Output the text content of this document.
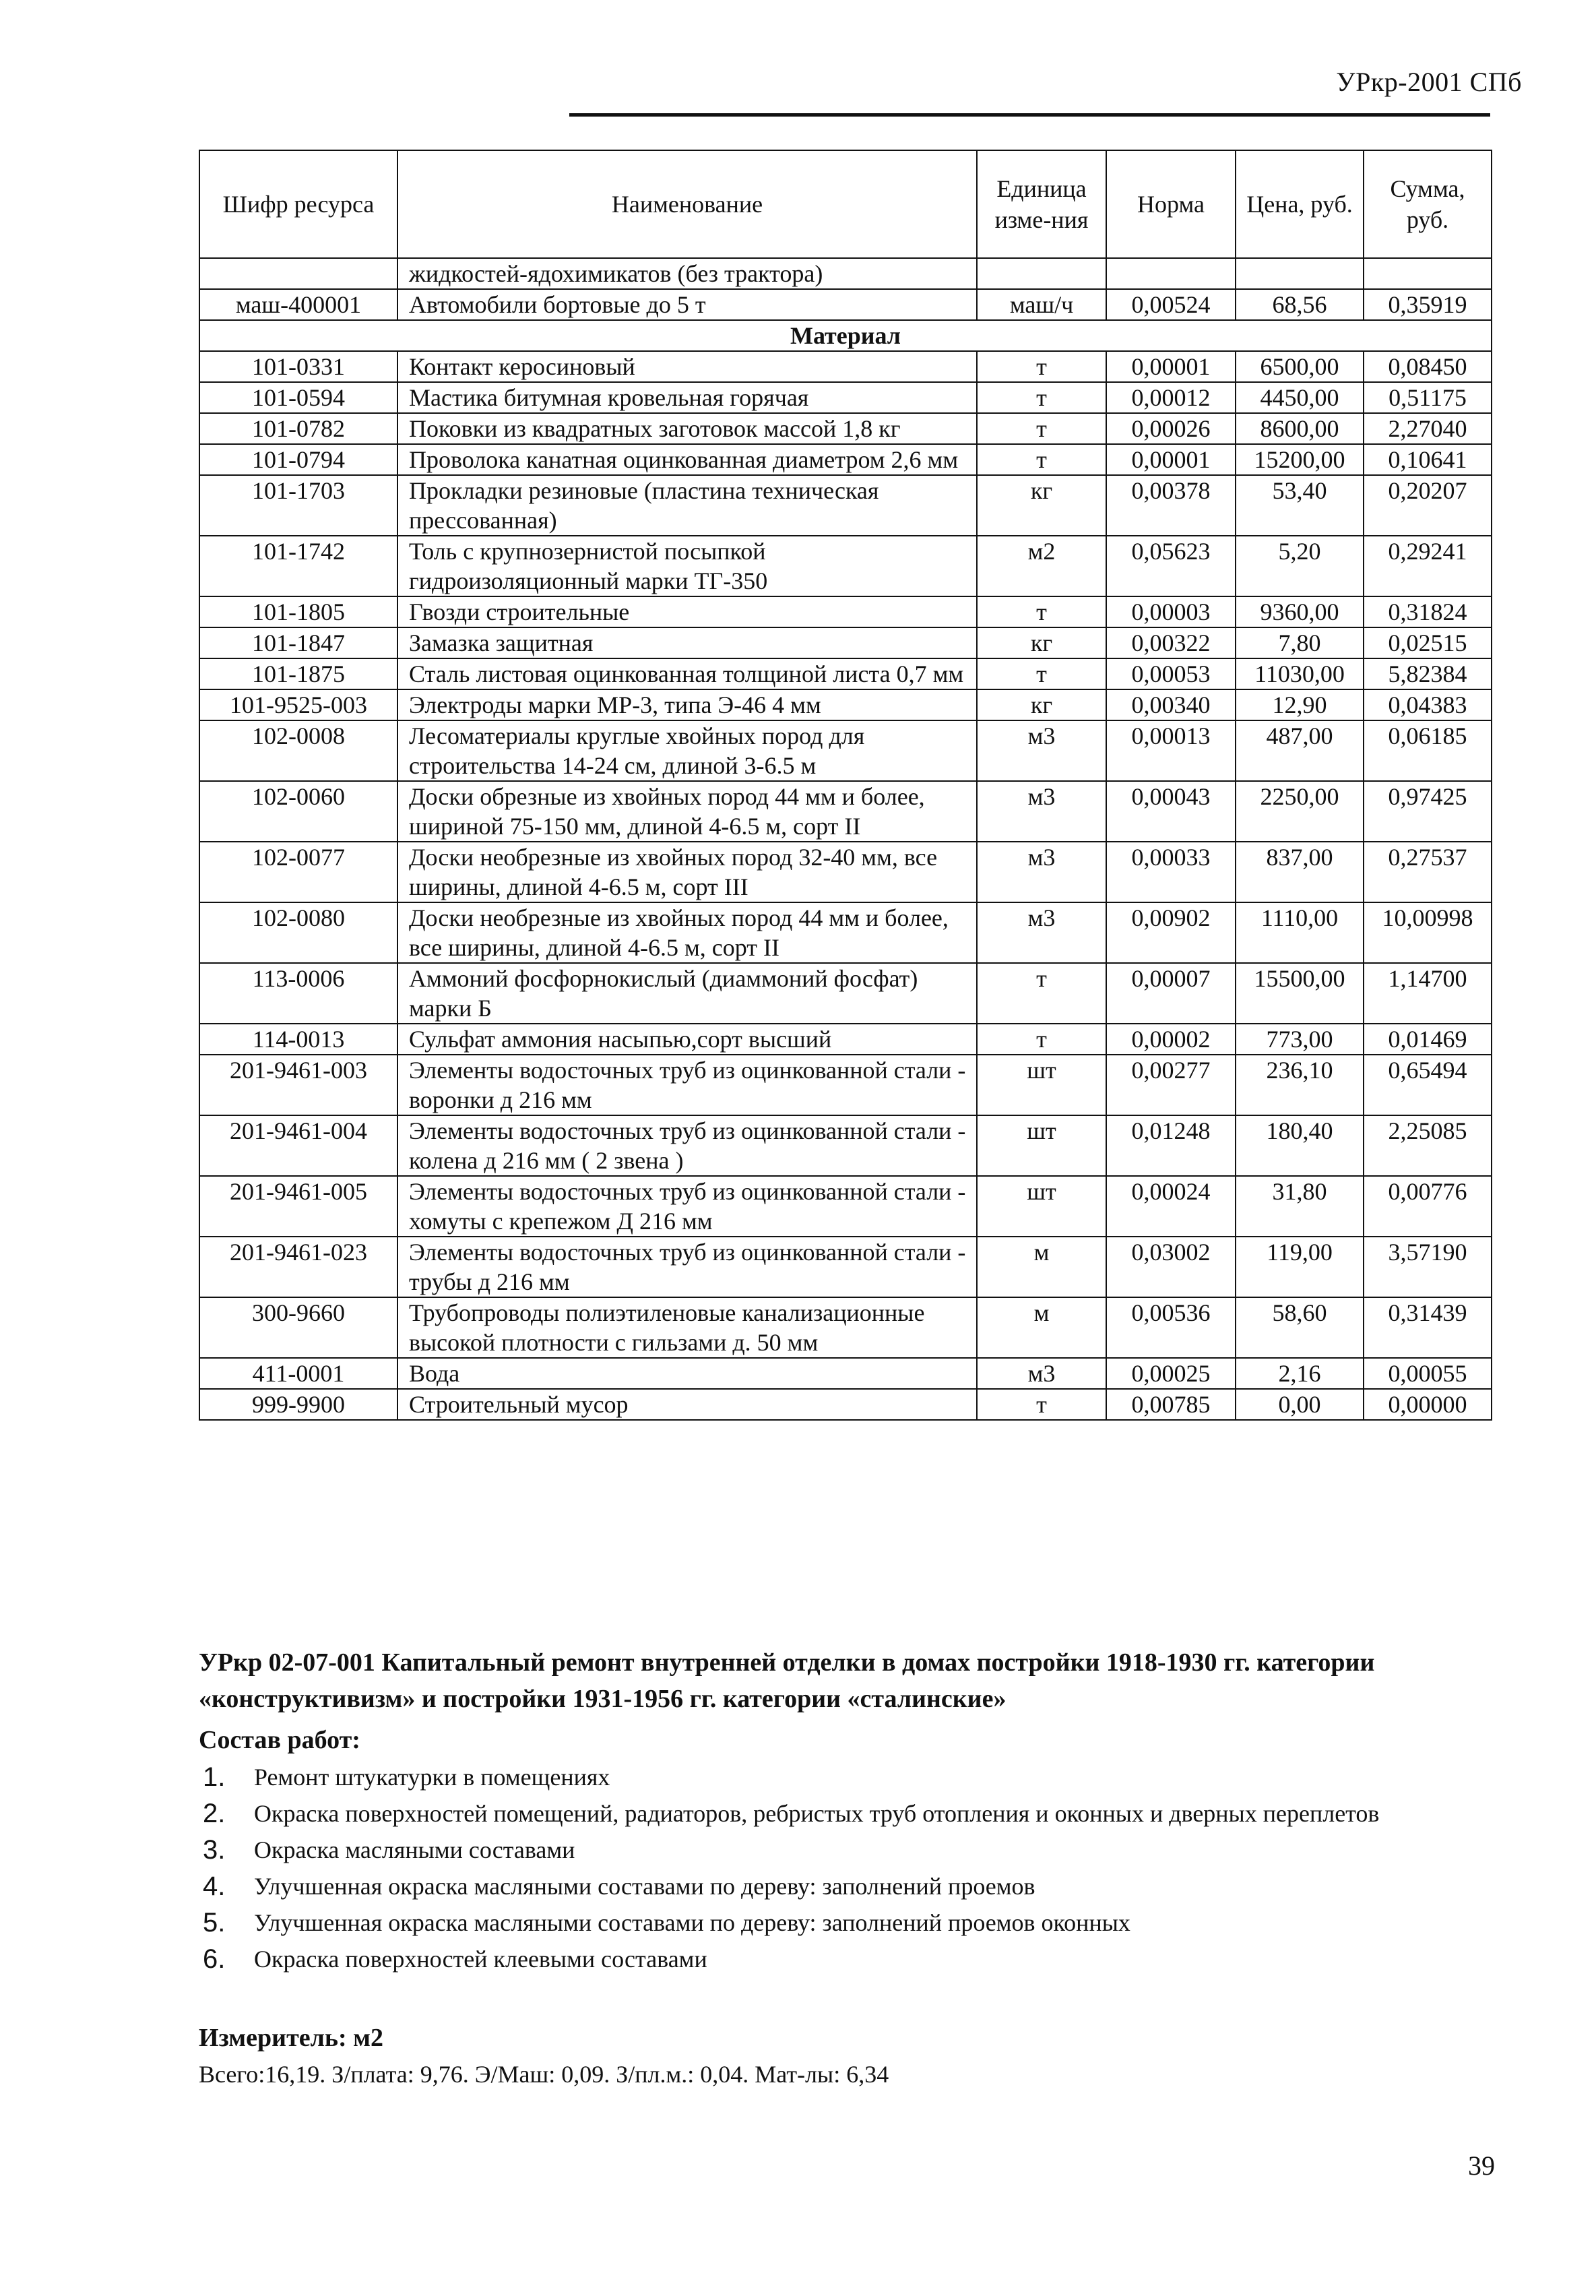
УРкр-2001 СПб
Шифр ресурса	Наименование	Единица изме-ния	Норма	Цена, руб.	Сумма, руб.
	жидкостей-ядохимикатов (без трактора)				
маш-400001	Автомобили бортовые до 5 т	маш/ч	0,00524	68,56	0,35919
Материал					
101-0331	Контакт керосиновый	т	0,00001	6500,00	0,08450
101-0594	Мастика битумная кровельная горячая	т	0,00012	4450,00	0,51175
101-0782	Поковки из квадратных заготовок массой 1,8 кг	т	0,00026	8600,00	2,27040
101-0794	Проволока канатная оцинкованная диаметром 2,6 мм	т	0,00001	15200,00	0,10641
101-1703	Прокладки резиновые (пластина техническая прессованная)	кг	0,00378	53,40	0,20207
101-1742	Толь с крупнозернистой посыпкой гидроизоляционный марки ТГ-350	м2	0,05623	5,20	0,29241
101-1805	Гвозди строительные	т	0,00003	9360,00	0,31824
101-1847	Замазка защитная	кг	0,00322	7,80	0,02515
101-1875	Сталь листовая оцинкованная толщиной листа 0,7 мм	т	0,00053	11030,00	5,82384
101-9525-003	Электроды марки МР-3, типа Э-46 4 мм	кг	0,00340	12,90	0,04383
102-0008	Лесоматериалы круглые хвойных пород для строительства 14-24 см, длиной 3-6.5 м	м3	0,00013	487,00	0,06185
102-0060	Доски обрезные из хвойных пород 44 мм и более, шириной 75-150 мм, длиной 4-6.5 м, сорт II	м3	0,00043	2250,00	0,97425
102-0077	Доски необрезные из хвойных пород 32-40 мм, все ширины, длиной 4-6.5 м, сорт III	м3	0,00033	837,00	0,27537
102-0080	Доски необрезные из хвойных пород 44 мм и более, все ширины, длиной 4-6.5 м, сорт II	м3	0,00902	1110,00	10,00998
113-0006	Аммоний фосфорнокислый (диаммоний фосфат) марки Б	т	0,00007	15500,00	1,14700
114-0013	Сульфат аммония насыпью,сорт высший	т	0,00002	773,00	0,01469
201-9461-003	Элементы водосточных труб из оцинкованной стали - воронки д 216 мм	шт	0,00277	236,10	0,65494
201-9461-004	Элементы водосточных труб из оцинкованной стали - колена д 216 мм ( 2 звена )	шт	0,01248	180,40	2,25085
201-9461-005	Элементы водосточных труб из оцинкованной стали - хомуты с крепежом Д 216 мм	шт	0,00024	31,80	0,00776
201-9461-023	Элементы водосточных труб из оцинкованной стали - трубы д 216 мм	м	0,03002	119,00	3,57190
300-9660	Трубопроводы полиэтиленовые канализационные высокой плотности с гильзами д. 50 мм	м	0,00536	58,60	0,31439
411-0001	Вода	м3	0,00025	2,16	0,00055
999-9900	Строительный мусор	т	0,00785	0,00	0,00000
УРкр 02-07-001 Капитальный ремонт внутренней отделки в домах постройки 1918-1930 гг. категории «конструктивизм» и постройки 1931-1956 гг. категории «сталинские»
Состав работ:
1. Ремонт штукатурки в помещениях
2. Окраска поверхностей помещений, радиаторов, ребристых труб отопления и оконных и дверных переплетов
3. Окраска масляными составами
4. Улучшенная окраска масляными составами по дереву: заполнений проемов
5. Улучшенная окраска масляными составами по дереву: заполнений проемов оконных
6. Окраска поверхностей клеевыми составами
Измеритель: м2
Всего:16,19. З/плата: 9,76. Э/Маш: 0,09. З/пл.м.: 0,04. Мат-лы: 6,34
39
